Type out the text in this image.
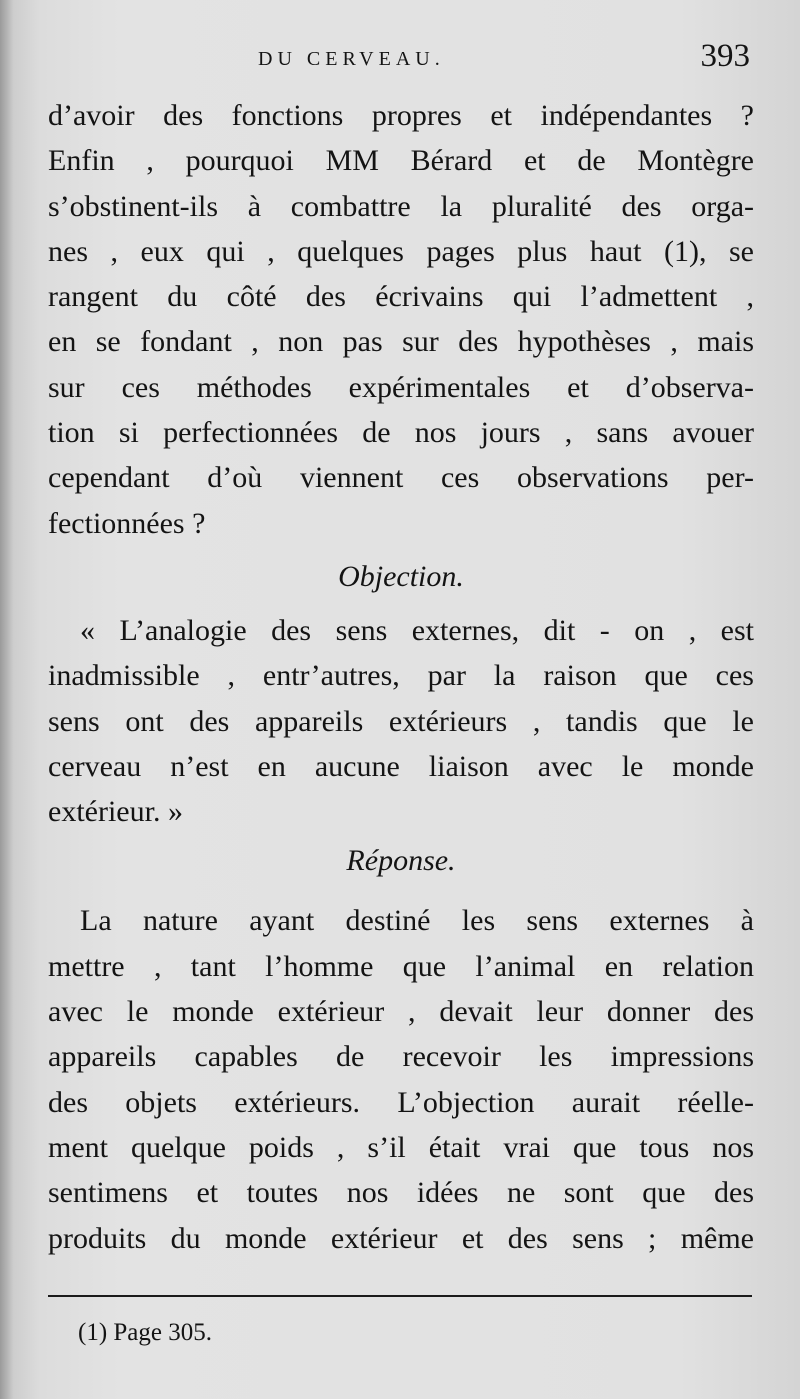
DU CERVEAU.	393
d’avoir des fonctions propres et indépendantes ?
Enfin , pourquoi MM Bérard et de Montègre
s’obstinent-ils à combattre la pluralité des orga-
nes , eux qui , quelques pages plus haut (1), se
rangent du côté des écrivains qui l’admettent ,
en se fondant , non pas sur des hypothèses , mais
sur ces méthodes expérimentales et d’observa-
tion si perfectionnées de nos jours , sans avouer
cependant d’où viennent ces observations per-
fectionnées ?
Objection.
« L’analogie des sens externes, dit - on , est
inadmissible , entr’autres, par la raison que ces
sens ont des appareils extérieurs , tandis que le
cerveau n’est en aucune liaison avec le monde
extérieur. »
Réponse.
La nature ayant destiné les sens externes à
mettre , tant l’homme que l’animal en relation
avec le monde extérieur , devait leur donner des
appareils capables de recevoir les impressions
des objets extérieurs. L’objection aurait réelle-
ment quelque poids , s’il était vrai que tous nos
sentimens et toutes nos idées ne sont que des
produits du monde extérieur et des sens ; même
(1) Page 305.
